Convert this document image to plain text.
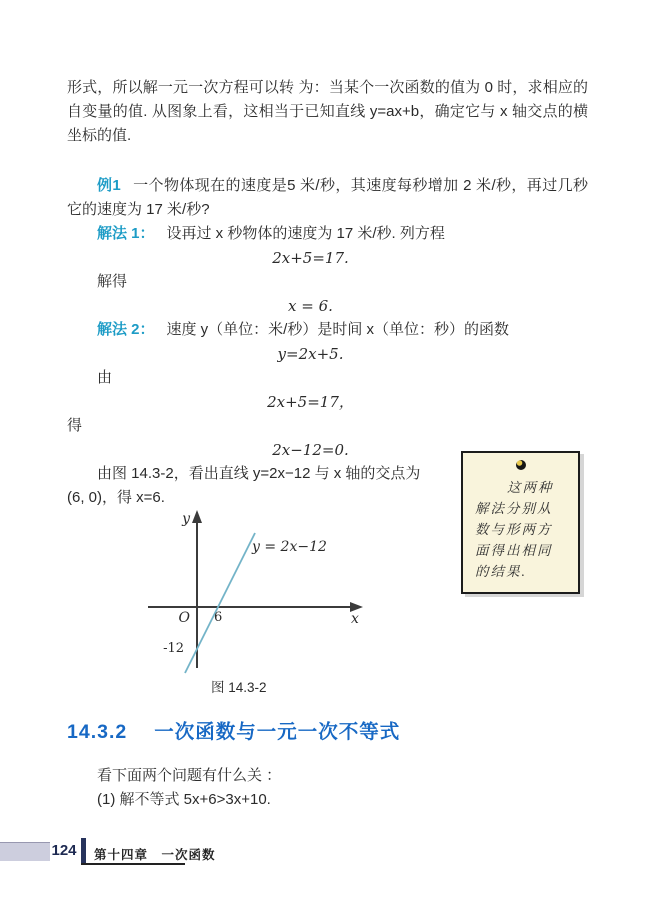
形式，所以解一元一次方程可以转 为：当某个一次函数的值为 0 时，求相应的自变量的值. 从图象上看，这相当于已知直线 y=ax+b，确定它与 x 轴交点的横坐标的值.

例1 一个物体现在的速度是5 米/秒，其速度每秒增加 2 米/秒，再过几秒它的速度为 17 米/秒?

解法 1： 设再过 x 秒物体的速度为 17 米/秒. 列方程

2x+5=17.

解得

x = 6.

解法 2： 速度 y（单位：米/秒）是时间 x（单位：秒）的函数

y=2x+5.

由

2x+5=17，

得

2x−12=0.

由图 14.3-2，看出直线 y=2x−12 与 x 轴的交点为

(6, 0)，得 x=6.

y
x
O 6
-12
y = 2x−12
图 14.3-2
这两种
解法分别从
数与形两方
面得出相同
的结果.
14.3.2 一次函数与一元一次不等式

看下面两个问题有什么关 ：

(1) 解不等式 5x+6>3x+10.

124 第十四章　一次函数
